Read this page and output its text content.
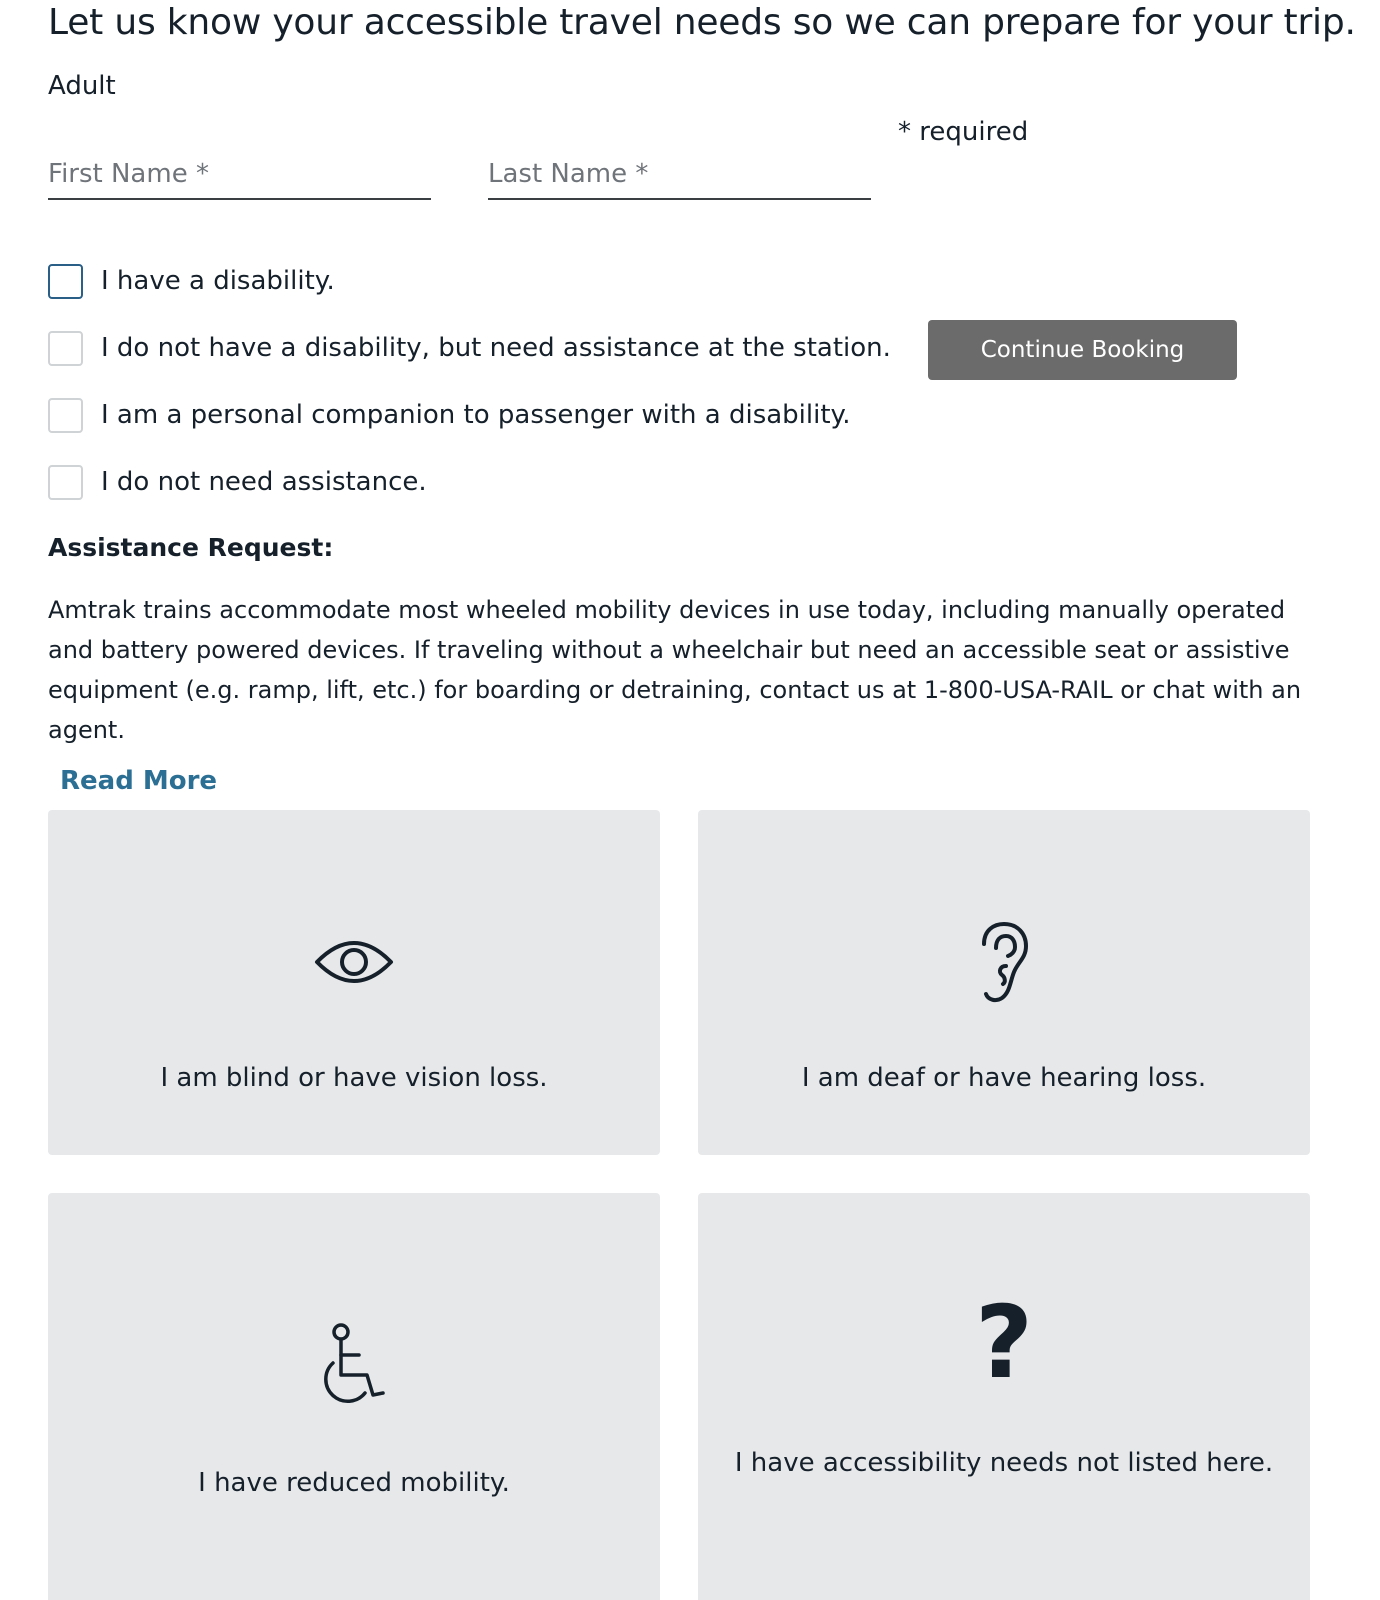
Let us know your accessible travel needs so we can prepare for your trip.
Adult
* required
First Name *
Last Name *
I have a disability.
I do not have a disability, but need assistance at the station.
I am a personal companion to passenger with a disability.
I do not need assistance.
Continue Booking
Assistance Request:

Amtrak trains accommodate most wheeled mobility devices in use today, including manually operated and battery powered devices. If traveling without a wheelchair but need an accessible seat or assistive equipment (e.g. ramp, lift, etc.) for boarding or detraining, contact us at 1-800-USA-RAIL or chat with an agent.

Read More
I am blind or have vision loss.	I am deaf or have hearing loss.
I have reduced mobility.
?
I have accessibility needs not listed here.
